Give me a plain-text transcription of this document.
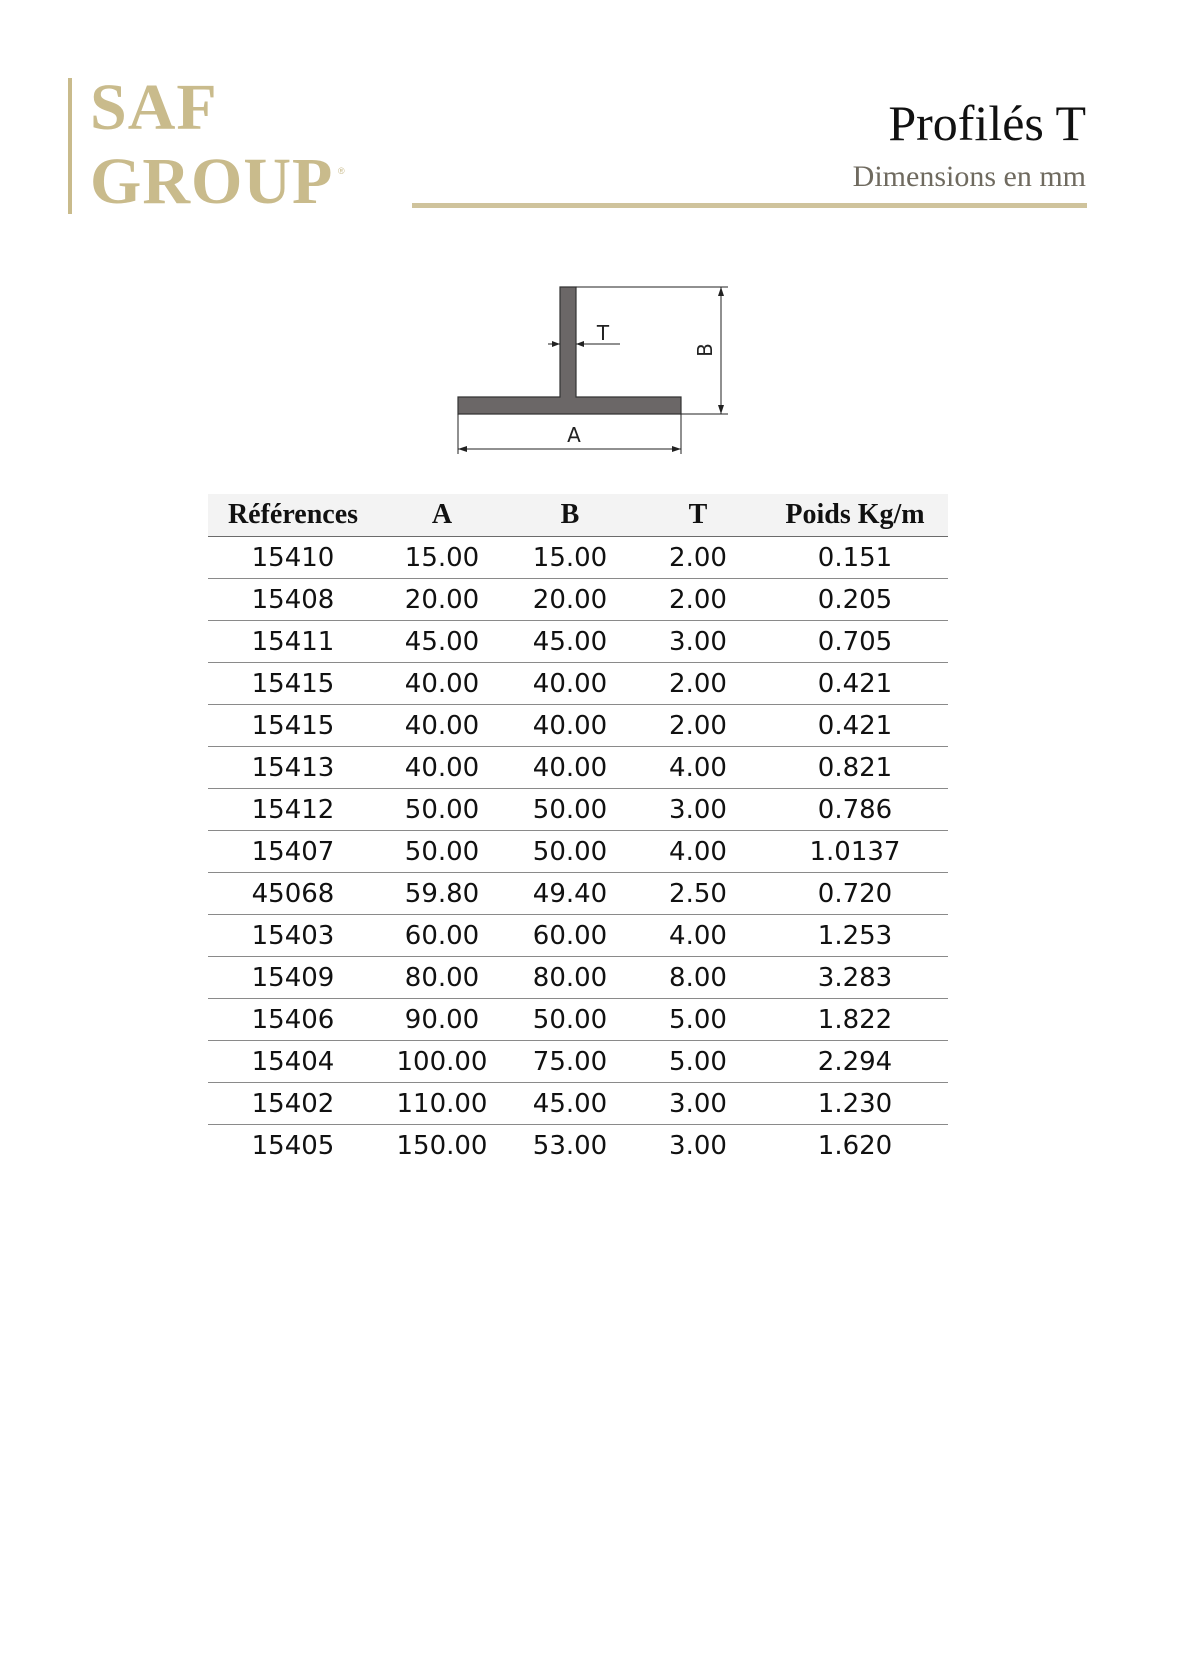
SAF
GROUP ®
Profilés T
Dimensions en mm
B
T
A
Références	A	B	T	Poids Kg/m
15410	15.00	15.00	2.00	0.151
15408	20.00	20.00	2.00	0.205
15411	45.00	45.00	3.00	0.705
15415	40.00	40.00	2.00	0.421
15415	40.00	40.00	2.00	0.421
15413	40.00	40.00	4.00	0.821
15412	50.00	50.00	3.00	0.786
15407	50.00	50.00	4.00	1.0137
45068	59.80	49.40	2.50	0.720
15403	60.00	60.00	4.00	1.253
15409	80.00	80.00	8.00	3.283
15406	90.00	50.00	5.00	1.822
15404	100.00	75.00	5.00	2.294
15402	110.00	45.00	3.00	1.230
15405	150.00	53.00	3.00	1.620
